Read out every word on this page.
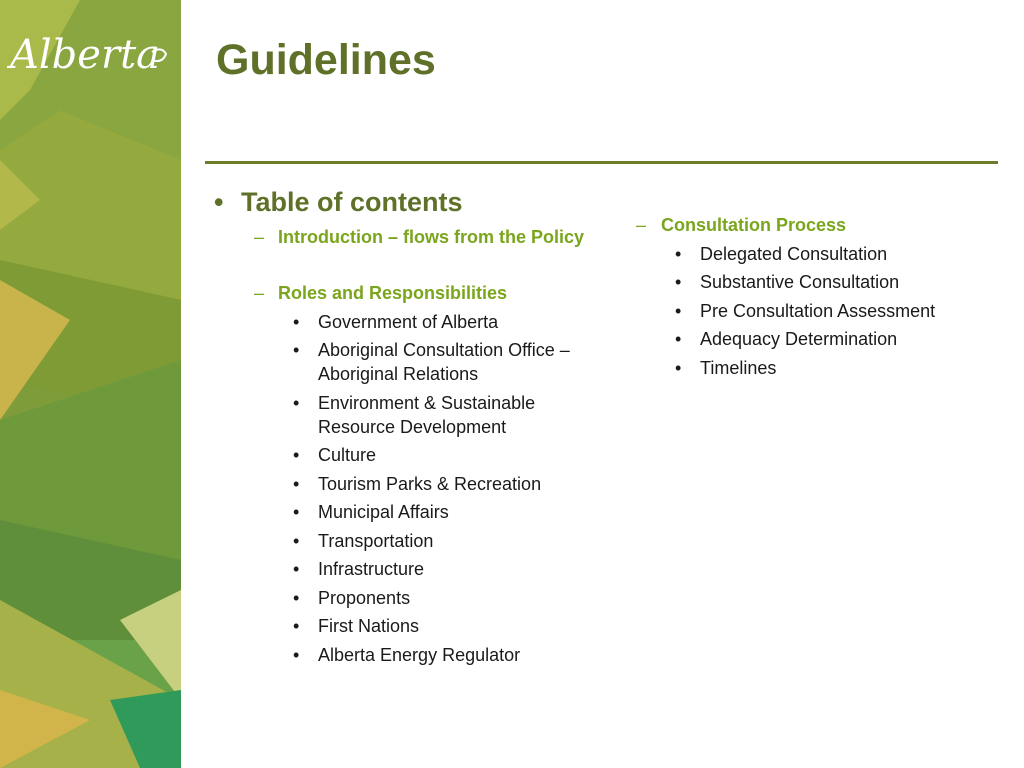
Alberta Guidelines
• Table of contents
– Introduction – flows from the Policy
– Roles and Responsibilities
• Government of Alberta
• Aboriginal Consultation Office – Aboriginal Relations
• Environment & Sustainable Resource Development
• Culture
• Tourism Parks & Recreation
• Municipal Affairs
• Transportation
• Infrastructure
• Proponents
• First Nations
• Alberta Energy Regulator
– Consultation Process
• Delegated Consultation
• Substantive Consultation
• Pre Consultation Assessment
• Adequacy Determination
• Timelines
